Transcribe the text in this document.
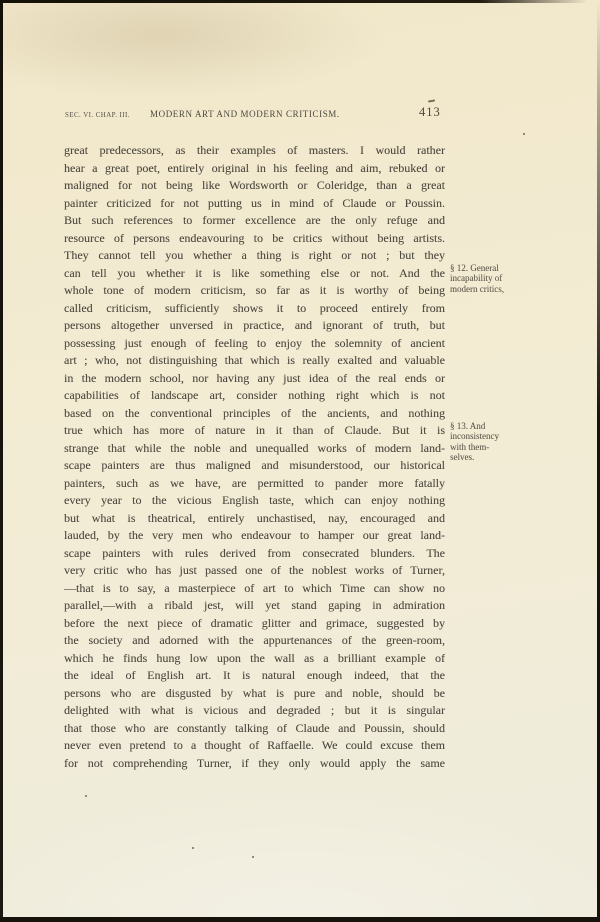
SEC. VI. CHAP. III. MODERN ART AND MODERN CRITICISM.	413
great predecessors, as their examples of masters. I would rather
hear a great poet, entirely original in his feeling and aim, rebuked or
maligned for not being like Wordsworth or Coleridge, than a great
painter criticized for not putting us in mind of Claude or Poussin.
But such references to former excellence are the only refuge and
resource of persons endeavouring to be critics without being artists.
They cannot tell you whether a thing is right or not ; but they
can tell you whether it is like something else or not. And the
whole tone of modern criticism, so far as it is worthy of being
called criticism, sufficiently shows it to proceed entirely from
persons altogether unversed in practice, and ignorant of truth, but
possessing just enough of feeling to enjoy the solemnity of ancient
art ; who, not distinguishing that which is really exalted and valuable
in the modern school, nor having any just idea of the real ends or
capabilities of landscape art, consider nothing right which is not
based on the conventional principles of the ancients, and nothing
true which has more of nature in it than of Claude. But it is
strange that while the noble and unequalled works of modern land-
scape painters are thus maligned and misunderstood, our historical
painters, such as we have, are permitted to pander more fatally
every year to the vicious English taste, which can enjoy nothing
but what is theatrical, entirely unchastised, nay, encouraged and
lauded, by the very men who endeavour to hamper our great land-
scape painters with rules derived from consecrated blunders. The
very critic who has just passed one of the noblest works of Turner,
—that is to say, a masterpiece of art to which Time can show no
parallel,—with a ribald jest, will yet stand gaping in admiration
before the next piece of dramatic glitter and grimace, suggested by
the society and adorned with the appurtenances of the green-room,
which he finds hung low upon the wall as a brilliant example of
the ideal of English art. It is natural enough indeed, that the
persons who are disgusted by what is pure and noble, should be
delighted with what is vicious and degraded ; but it is singular
that those who are constantly talking of Claude and Poussin, should
never even pretend to a thought of Raffaelle. We could excuse them
for not comprehending Turner, if they only would apply the same
§ 12. General
incapability of
modern critics,
§ 13. And
inconsistency
with them-
selves.
